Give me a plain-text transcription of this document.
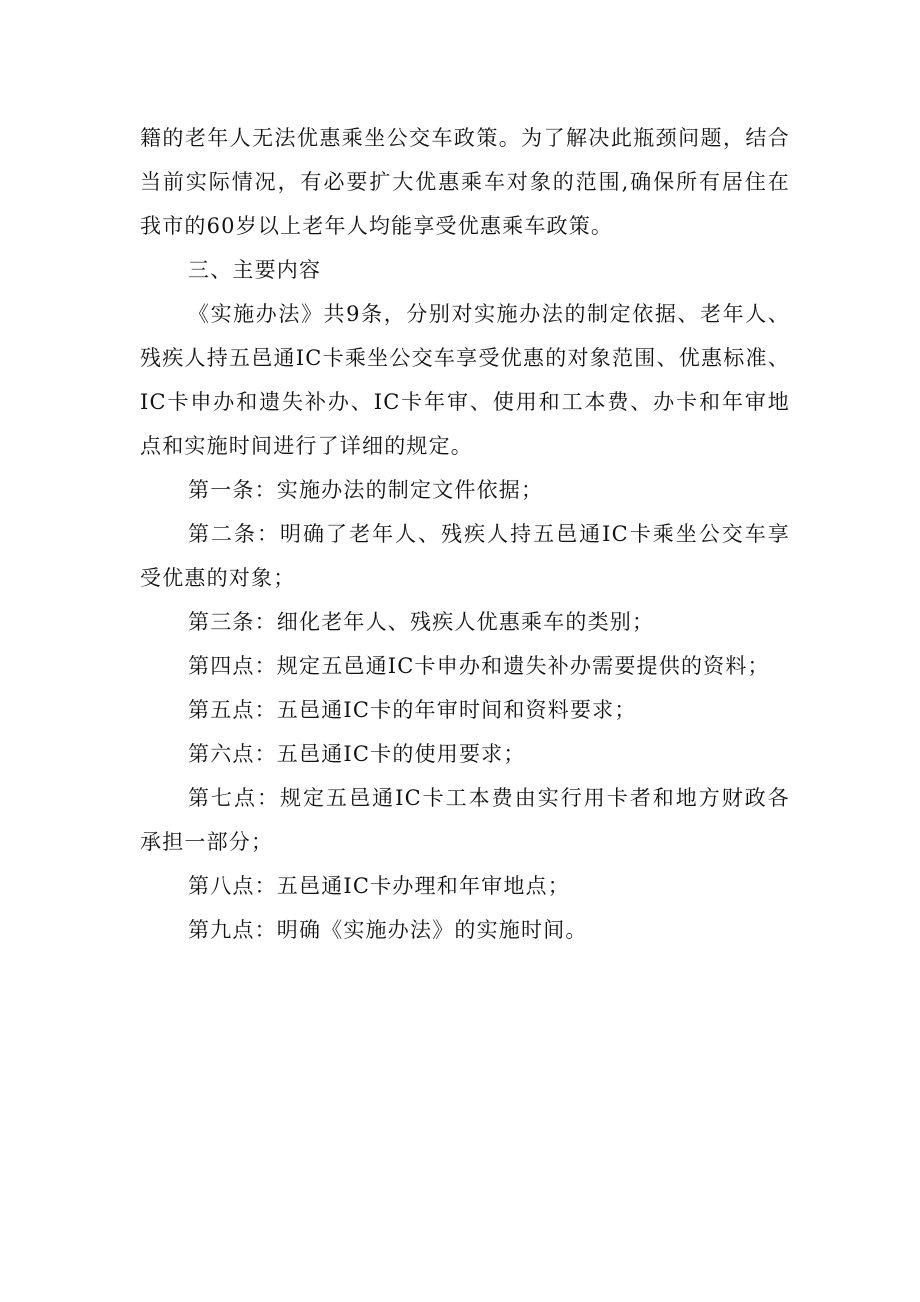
籍的老年人无法优惠乘坐公交车政策。为了解决此瓶颈问题，结合当前实际情况，有必要扩大优惠乘车对象的范围,确保所有居住在我市的60岁以上老年人均能享受优惠乘车政策。

三、主要内容

《实施办法》共9条，分别对实施办法的制定依据、老年人、残疾人持五邑通IC卡乘坐公交车享受优惠的对象范围、优惠标准、IC卡申办和遗失补办、IC卡年审、使用和工本费、办卡和年审地点和实施时间进行了详细的规定。

第一条：实施办法的制定文件依据；

第二条：明确了老年人、残疾人持五邑通IC卡乘坐公交车享受优惠的对象；

第三条：细化老年人、残疾人优惠乘车的类别；

第四点：规定五邑通IC卡申办和遗失补办需要提供的资料；

第五点：五邑通IC卡的年审时间和资料要求；

第六点：五邑通IC卡的使用要求；

第七点：规定五邑通IC卡工本费由实行用卡者和地方财政各承担一部分；

第八点：五邑通IC卡办理和年审地点；

第九点：明确《实施办法》的实施时间。
